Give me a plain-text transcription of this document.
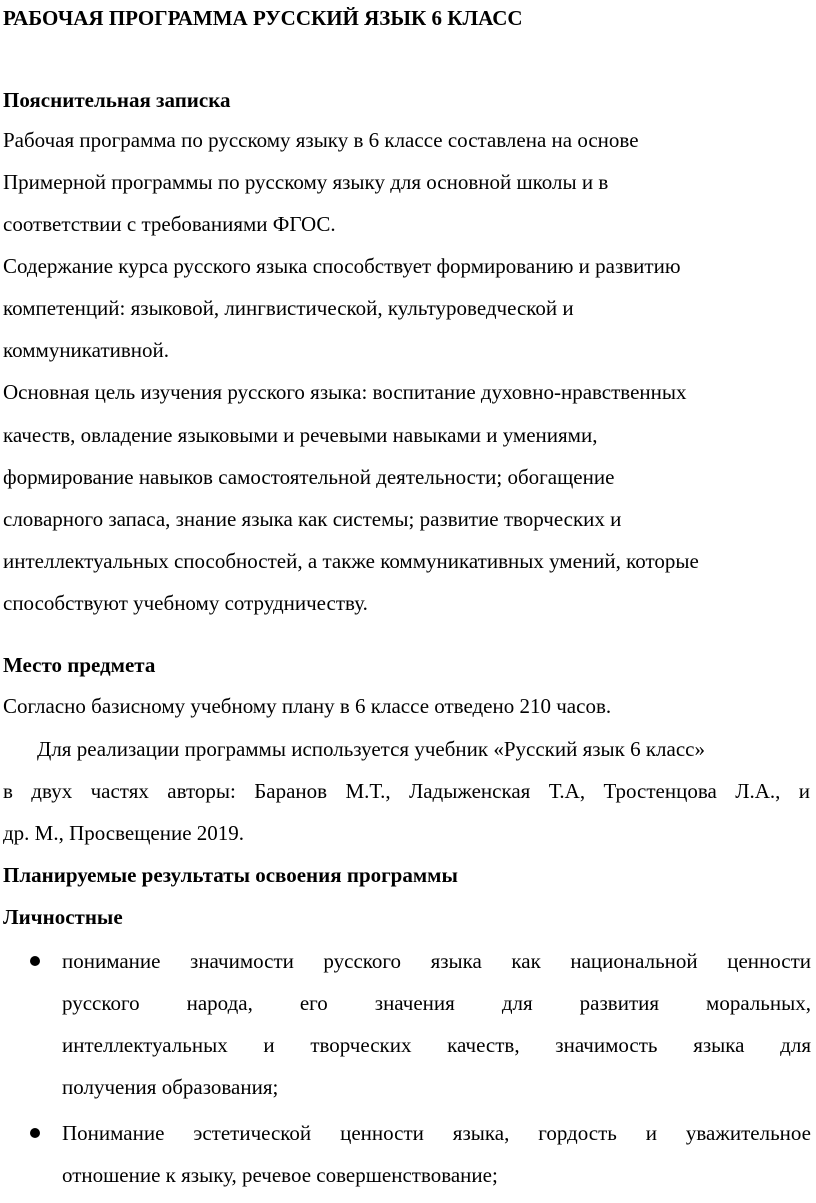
РАБОЧАЯ ПРОГРАММА РУССКИЙ ЯЗЫК 6 КЛАСС
Пояснительная записка

Рабочая программа по русскому языку в 6 классе составлена на основе

Примерной программы по русскому языку для основной школы и в

соответствии с требованиями ФГОС.

Содержание курса русского языка способствует формированию и развитию

компетенций: языковой, лингвистической, культуроведческой и

коммуникативной.

Основная цель изучения русского языка: воспитание духовно-нравственных

качеств, овладение языковыми и речевыми навыками и умениями,

формирование навыков самостоятельной деятельности; обогащение

словарного запаса, знание языка как системы; развитие творческих и

интеллектуальных способностей, а также коммуникативных умений, которые

способствуют учебному сотрудничеству.

Место предмета

Согласно базисному учебному плану в 6 классе отведено 210 часов.

Для реализации программы используется учебник «Русский язык 6 класс»

в двух частях авторы: Баранов М.Т., Ладыженская Т.А, Тростенцова Л.А., и

др. М., Просвещение 2019.

Планируемые результаты освоения программы
Личностные

понимание значимости русского языка как национальной ценности

русского народа, его значения для развития моральных,

интеллектуальных и творческих качеств, значимость языка для

получения образования;

Понимание эстетической ценности языка, гордость и уважительное

отношение к языку, речевое совершенствование;
